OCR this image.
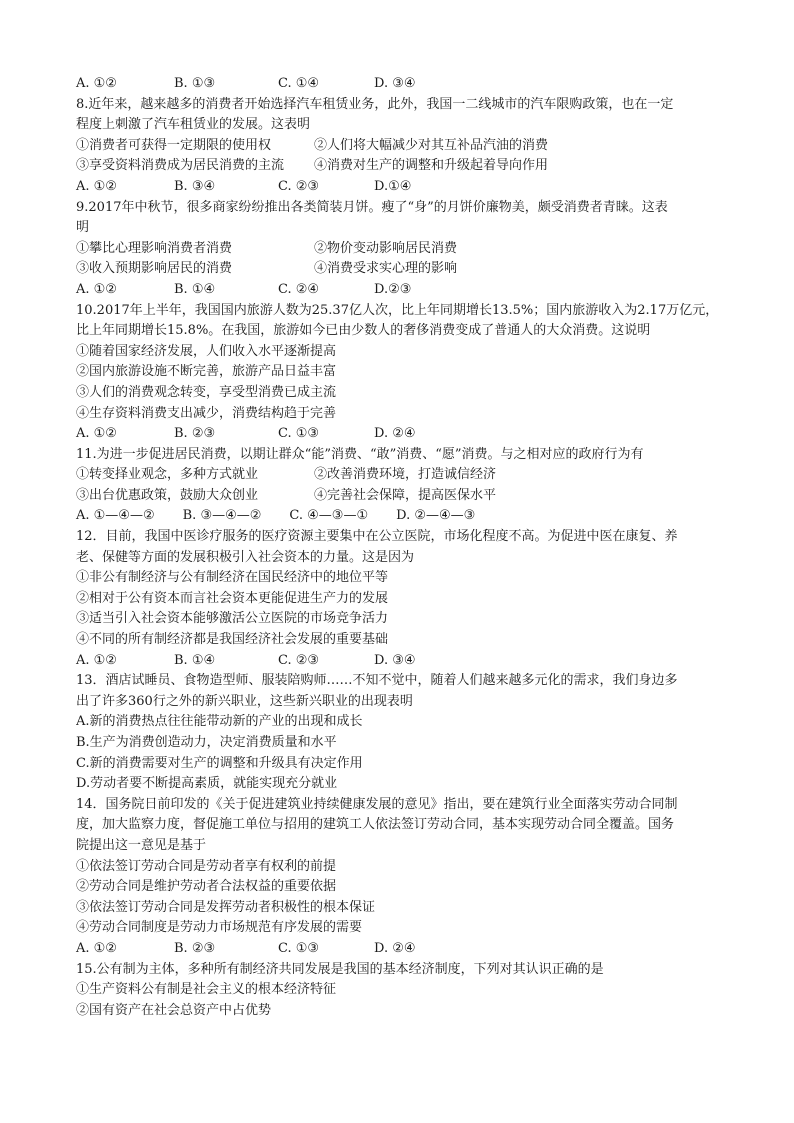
A. ①②	B. ①③	C. ①④	D. ③④
8.近年来，越来越多的消费者开始选择汽车租赁业务，此外，我国一二线城市的汽车限购政策，也在一定
程度上刺激了汽车租赁业的发展。这表明
①消费者可获得一定期限的使用权	②人们将大幅减少对其互补品汽油的消费
③享受资料消费成为居民消费的主流	④消费对生产的调整和升级起着导向作用
A. ①②	B. ③④	C. ②③	D.①④
9.2017年中秋节，很多商家纷纷推出各类简装月饼。瘦了“身”的月饼价廉物美，颇受消费者青睐。这表
明
①攀比心理影响消费者消费	②物价变动影响居民消费
③收入预期影响居民的消费	④消费受求实心理的影响
A. ①②	B. ①④	C. ②④	D.②③
10.2017年上半年，我国国内旅游人数为25.37亿人次，比上年同期增长13.5%；国内旅游收入为2.17万亿元，
比上年同期增长15.8%。在我国，旅游如今已由少数人的奢侈消费变成了普通人的大众消费。这说明
①随着国家经济发展，人们收入水平逐渐提高
②国内旅游设施不断完善，旅游产品日益丰富
③人们的消费观念转变，享受型消费已成主流
④生存资料消费支出减少，消费结构趋于完善
A. ①②	B. ②③	C. ①③	D. ②④
11.为进一步促进居民消费，以期让群众“能”消费、“敢”消费、“愿”消费。与之相对应的政府行为有
①转变择业观念，多种方式就业	②改善消费环境，打造诚信经济
③出台优惠政策，鼓励大众创业	④完善社会保障，提高医保水平
A. ①—④—② B. ③—④—② C. ④—③—① D. ②—④—③
12．目前，我国中医诊疗服务的医疗资源主要集中在公立医院，市场化程度不高。为促进中医在康复、养
老、保健等方面的发展积极引入社会资本的力量。这是因为
①非公有制经济与公有制经济在国民经济中的地位平等
②相对于公有资本而言社会资本更能促进生产力的发展
③适当引入社会资本能够激活公立医院的市场竞争活力
④不同的所有制经济都是我国经济社会发展的重要基础
A. ①②	B. ①④	C. ②③	D. ③④
13．酒店试睡员、食物造型师、服装陪购师……不知不觉中，随着人们越来越多元化的需求，我们身边多
出了许多360行之外的新兴职业，这些新兴职业的出现表明
A.新的消费热点往往能带动新的产业的出现和成长
B.生产为消费创造动力，决定消费质量和水平
C.新的消费需要对生产的调整和升级具有决定作用
D.劳动者要不断提高素质，就能实现充分就业
14．国务院日前印发的《关于促进建筑业持续健康发展的意见》指出，要在建筑行业全面落实劳动合同制
度，加大监察力度，督促施工单位与招用的建筑工人依法签订劳动合同，基本实现劳动合同全覆盖。国务
院提出这一意见是基于
①依法签订劳动合同是劳动者享有权利的前提
②劳动合同是维护劳动者合法权益的重要依据
③依法签订劳动合同是发挥劳动者积极性的根本保证
④劳动合同制度是劳动力市场规范有序发展的需要
A. ①②	B. ②③	C. ①③	D. ②④
15.公有制为主体，多种所有制经济共同发展是我国的基本经济制度，下列对其认识正确的是
①生产资料公有制是社会主义的根本经济特征
②国有资产在社会总资产中占优势
